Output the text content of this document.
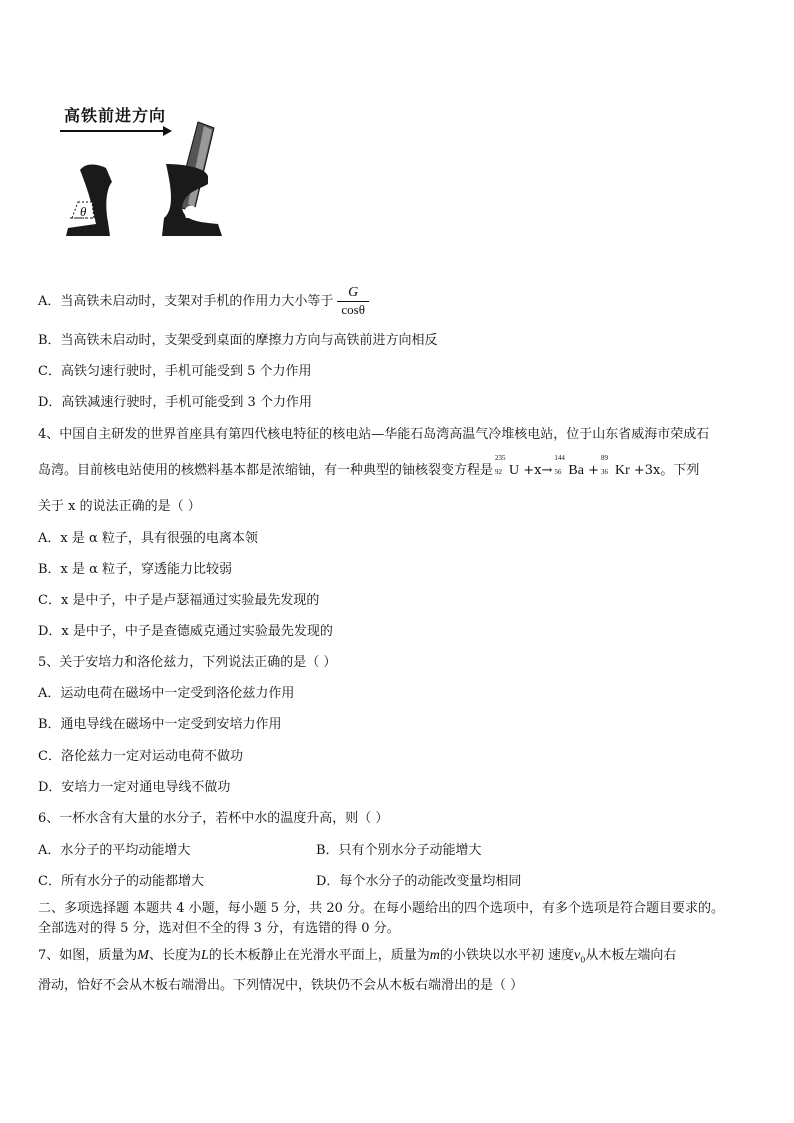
高铁前进方向
θ
A．当高铁未启动时，支架对手机的作用力大小等于 $\frac{G}{\cos\theta}$
B．当高铁未启动时，支架受到桌面的摩擦力方向与高铁前进方向相反
C．高铁匀速行驶时，手机可能受到 5 个力作用
D．高铁减速行驶时，手机可能受到 3 个力作用
4、中国自主研发的世界首座具有第四代核电特征的核电站—华能石岛湾高温气冷堆核电站，位于山东省威海市荣成石
岛湾。目前核电站使用的核燃料基本都是浓缩铀，有一种典型的铀核裂变方程是
235
92 U +x→
144
56 Ba +
89
36 Kr +3x。下列
关于 x 的说法正确的是（ ）
A．x 是 α 粒子，具有很强的电离本领
B．x 是 α 粒子，穿透能力比较弱
C．x 是中子，中子是卢瑟福通过实验最先发现的
D．x 是中子，中子是查德威克通过实验最先发现的
5、关于安培力和洛伦兹力，下列说法正确的是（ ）
A．运动电荷在磁场中一定受到洛伦兹力作用
B．通电导线在磁场中一定受到安培力作用
C．洛伦兹力一定对运动电荷不做功
D．安培力一定对通电导线不做功
6、一杯水含有大量的水分子，若杯中水的温度升高，则（ ）
A．水分子的平均动能增大	B．只有个别水分子动能增大
C．所有水分子的动能都增大	D．每个水分子的动能改变量均相同
二、多项选择题 本题共 4 小题，每小题 5 分，共 20 分。在每小题给出的四个选项中，有多个选项是符合题目要求的。
全部选对的得 5 分，选对但不全的得 3 分，有选错的得 0 分。
7、如图，质量为M、长度为L的长木板静止在光滑水平面上，质量为m的小铁块以水平初 速度$v_0$从木板左端向右
滑动，恰好不会从木板右端滑出。下列情况中，铁块仍不会从木板右端滑出的是（ ）
